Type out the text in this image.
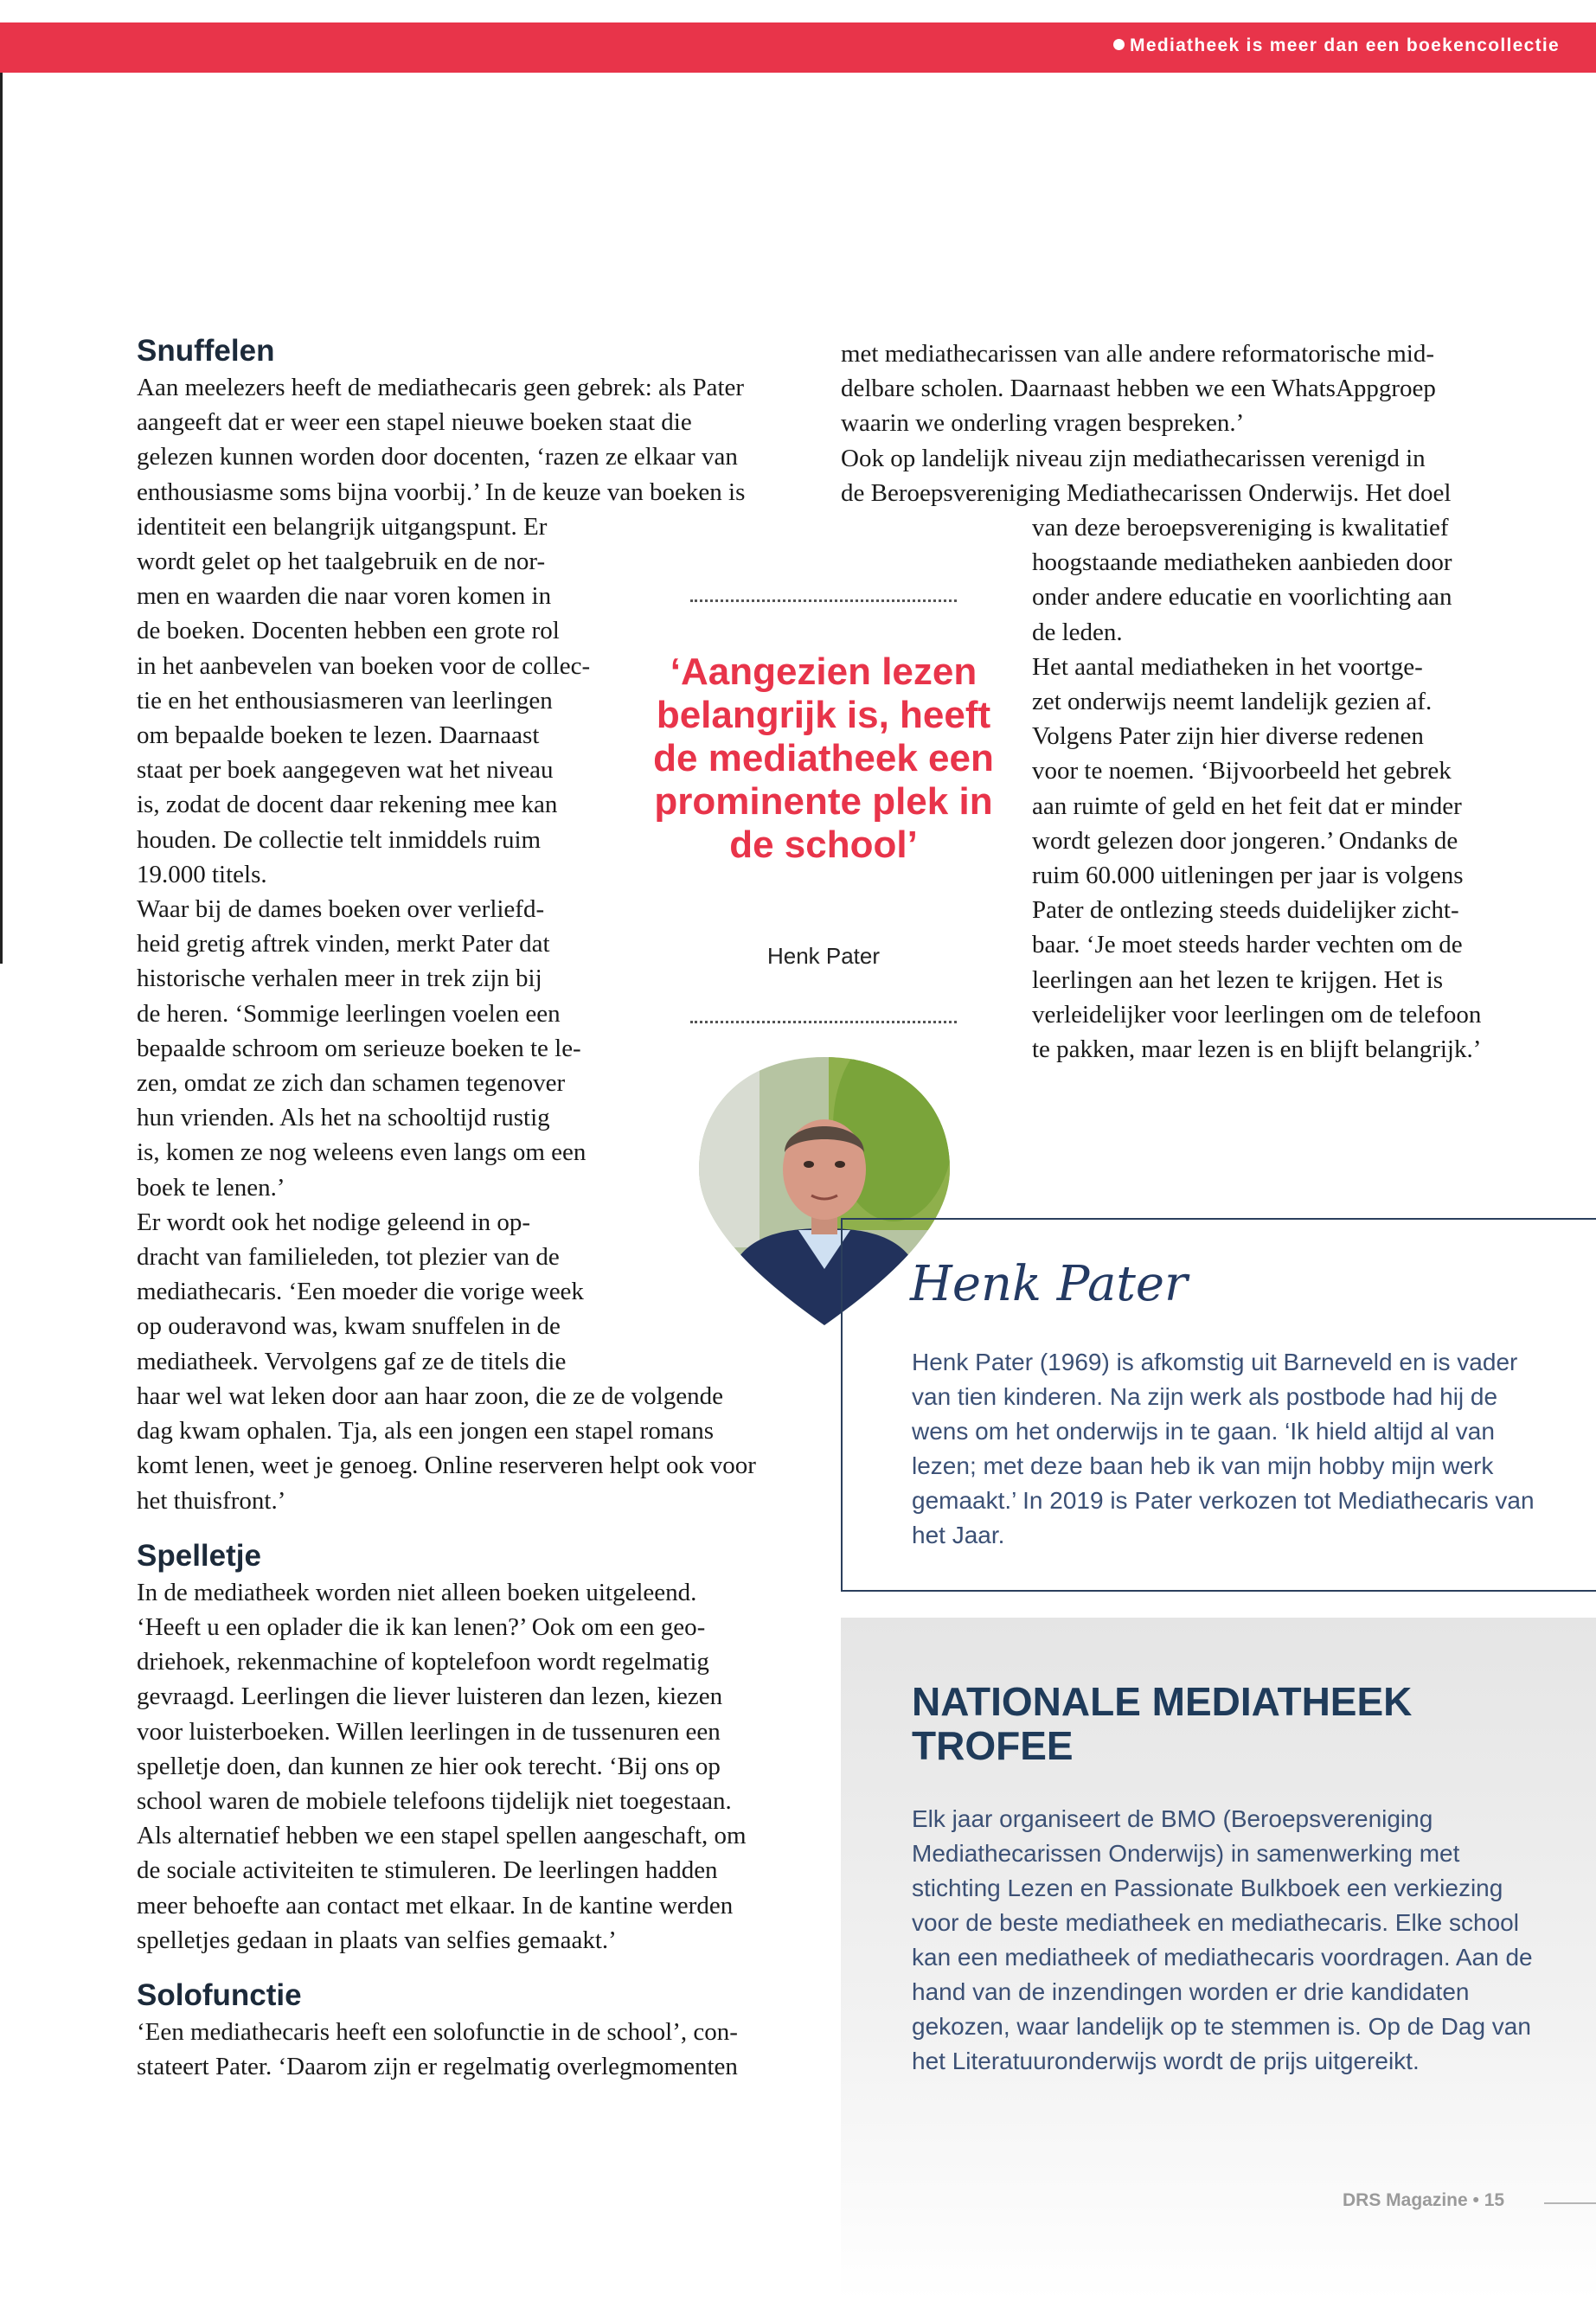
Mediatheek is meer dan een boekencollectie
Snuffelen

Aan meelezers heeft de mediathecaris geen gebrek: als Pater

aangeeft dat er weer een stapel nieuwe boeken staat die

gelezen kunnen worden door docenten, ‘razen ze elkaar van

enthousiasme soms bijna voorbij.’ In de keuze van boeken is

identiteit een belangrijk uitgangspunt. Er

wordt gelet op het taalgebruik en de nor-

men en waarden die naar voren komen in

de boeken. Docenten hebben een grote rol

in het aanbevelen van boeken voor de collec-

tie en het enthousiasmeren van leerlingen

om bepaalde boeken te lezen. Daarnaast

staat per boek aangegeven wat het niveau

is, zodat de docent daar rekening mee kan

houden. De collectie telt inmiddels ruim

19.000 titels.

Waar bij de dames boeken over verliefd-

heid gretig aftrek vinden, merkt Pater dat

historische verhalen meer in trek zijn bij

de heren. ‘Sommige leerlingen voelen een

bepaalde schroom om serieuze boeken te le-

zen, omdat ze zich dan schamen tegenover

hun vrienden. Als het na schooltijd rustig

is, komen ze nog weleens even langs om een

boek te lenen.’

Er wordt ook het nodige geleend in op-

dracht van familieleden, tot plezier van de

mediathecaris. ‘Een moeder die vorige week

op ouderavond was, kwam snuffelen in de

mediatheek. Vervolgens gaf ze de titels die

haar wel wat leken door aan haar zoon, die ze de volgende

dag kwam ophalen. Tja, als een jongen een stapel romans

komt lenen, weet je genoeg. Online reserveren helpt ook voor

het thuisfront.’

Spelletje

In de mediatheek worden niet alleen boeken uitgeleend.

‘Heeft u een oplader die ik kan lenen?’ Ook om een geo-

driehoek, rekenmachine of koptelefoon wordt regelmatig

gevraagd. Leerlingen die liever luisteren dan lezen, kiezen

voor luisterboeken. Willen leerlingen in de tussenuren een

spelletje doen, dan kunnen ze hier ook terecht. ‘Bij ons op

school waren de mobiele telefoons tijdelijk niet toegestaan.

Als alternatief hebben we een stapel spellen aangeschaft, om

de sociale activiteiten te stimuleren. De leerlingen hadden

meer behoefte aan contact met elkaar. In de kantine werden

spelletjes gedaan in plaats van selfies gemaakt.’

Solofunctie

‘Een mediathecaris heeft een solofunctie in de school’, con-

stateert Pater. ‘Daarom zijn er regelmatig overlegmomenten

met mediathecarissen van alle andere reformatorische mid-

delbare scholen. Daarnaast hebben we een WhatsAppgroep

waarin we onderling vragen bespreken.’

Ook op landelijk niveau zijn mediathecarissen verenigd in

de Beroepsvereniging Mediathecarissen Onderwijs. Het doel

van deze beroepsvereniging is kwalitatief

hoogstaande mediatheken aanbieden door

onder andere educatie en voorlichting aan

de leden.

Het aantal mediatheken in het voortge-

zet onderwijs neemt landelijk gezien af.

Volgens Pater zijn hier diverse redenen

voor te noemen. ‘Bijvoorbeeld het gebrek

aan ruimte of geld en het feit dat er minder

wordt gelezen door jongeren.’ Ondanks de

ruim 60.000 uitleningen per jaar is volgens

Pater de ontlezing steeds duidelijker zicht-

baar. ‘Je moet steeds harder vechten om de

leerlingen aan het lezen te krijgen. Het is

verleidelijker voor leerlingen om de telefoon

te pakken, maar lezen is en blijft belangrijk.’

‘Aangezien lezen belangrijk is, heeft de mediatheek een prominente plek in de school’
Henk Pater
Henk Pater
Henk Pater (1969) is afkomstig uit Barneveld en is vader van tien kinderen. Na zijn werk als postbode had hij de wens om het onderwijs in te gaan. ‘Ik hield altijd al van lezen; met deze baan heb ik van mijn hobby mijn werk gemaakt.’ In 2019 is Pater verkozen tot Mediathecaris van het Jaar.
NATIONALE MEDIATHEEK TROFEE
Elk jaar organiseert de BMO (Beroepsvereniging Mediathecarissen Onderwijs) in samenwerking met stichting Lezen en Passionate Bulkboek een verkiezing voor de beste mediatheek en mediathecaris. Elke school kan een mediatheek of mediathecaris voordragen. Aan de hand van de inzendingen worden er drie kandidaten gekozen, waar landelijk op te stemmen is. Op de Dag van het Literatuuronderwijs wordt de prijs uitgereikt.
DRS Magazine • 15
